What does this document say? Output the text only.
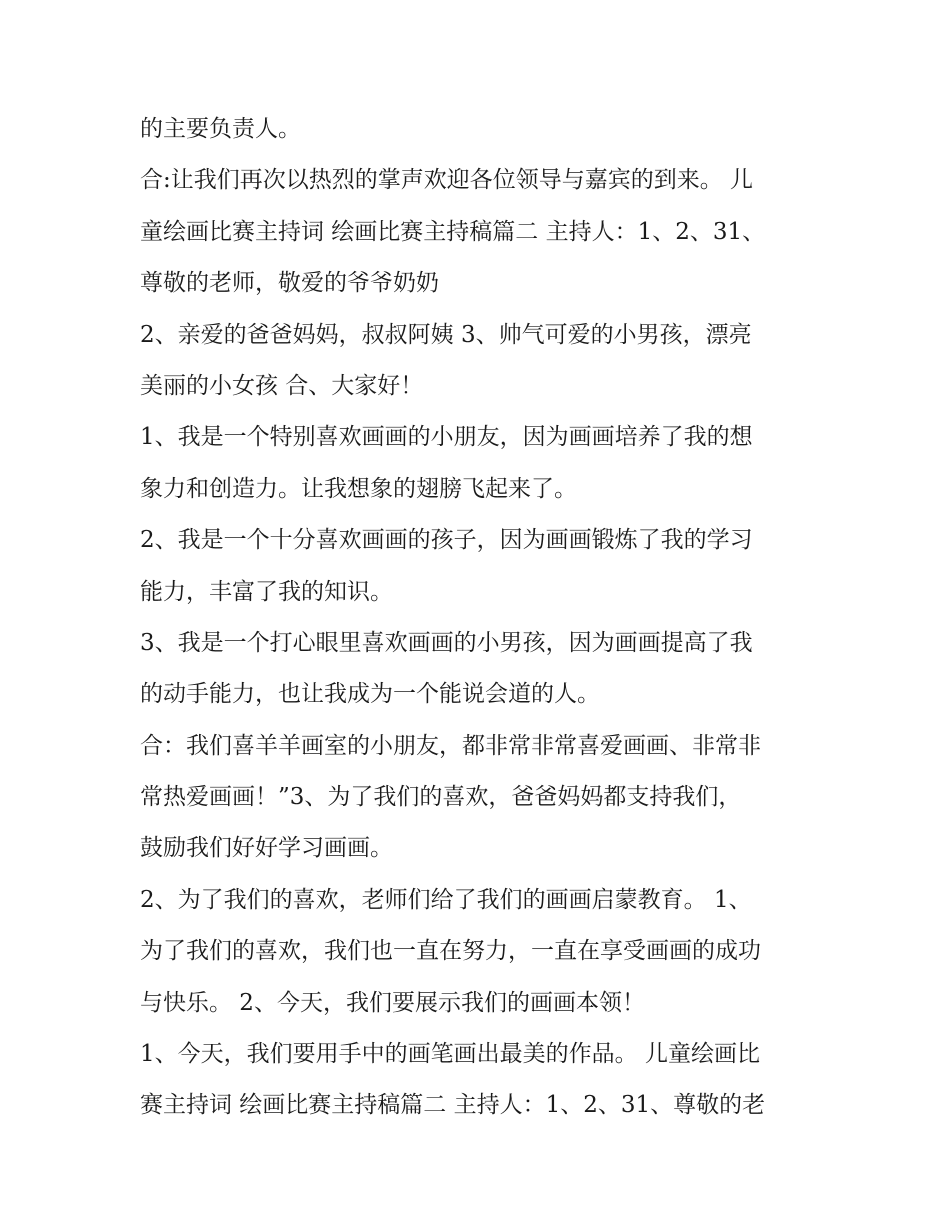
的主要负责人。
合:让我们再次以热烈的掌声欢迎各位领导与嘉宾的到来。 儿
童绘画比赛主持词 绘画比赛主持稿篇二 主持人：1、2、31、
尊敬的老师，敬爱的爷爷奶奶
2、亲爱的爸爸妈妈，叔叔阿姨 3、帅气可爱的小男孩，漂亮
美丽的小女孩 合、大家好！
1、我是一个特别喜欢画画的小朋友，因为画画培养了我的想
象力和创造力。让我想象的翅膀飞起来了。
2、我是一个十分喜欢画画的孩子，因为画画锻炼了我的学习
能力，丰富了我的知识。
3、我是一个打心眼里喜欢画画的小男孩，因为画画提高了我
的动手能力，也让我成为一个能说会道的人。
合：我们喜羊羊画室的小朋友，都非常非常喜爱画画、非常非
常热爱画画！”3、为了我们的喜欢，爸爸妈妈都支持我们，
鼓励我们好好学习画画。
2、为了我们的喜欢，老师们给了我们的画画启蒙教育。 1、
为了我们的喜欢，我们也一直在努力，一直在享受画画的成功
与快乐。 2、今天，我们要展示我们的画画本领！
1、今天，我们要用手中的画笔画出最美的作品。 儿童绘画比
赛主持词 绘画比赛主持稿篇二 主持人：1、2、31、尊敬的老
